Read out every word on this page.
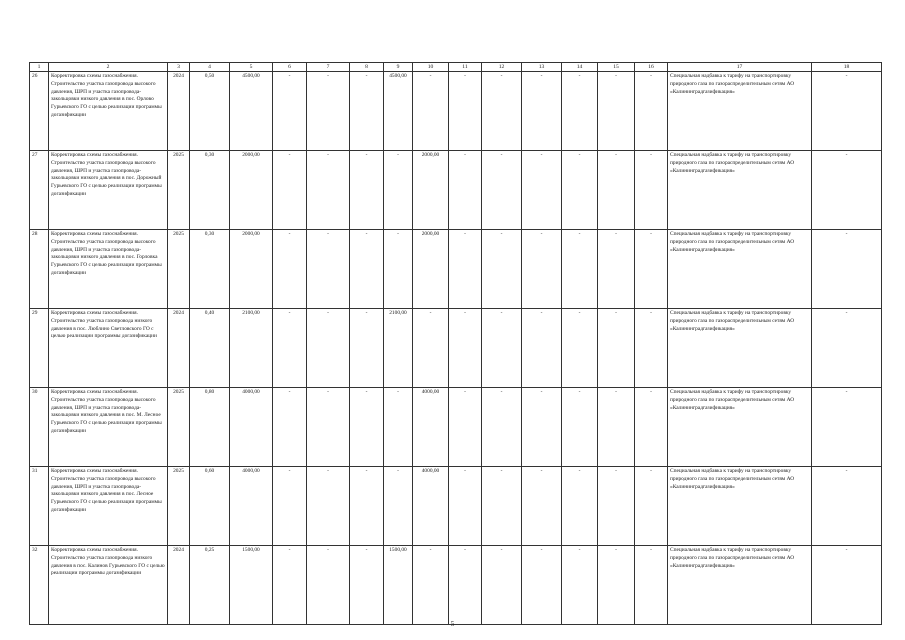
1	2	3	4	5	6	7	8	9	10	11	12	13	14	15	16	17	18
26	Корректировка схемы газоснабжения. Строительство участка газопровода высокого давления, ШРП и участка газопровода-закольцовки низкого давления в пос. Орлово Гурьевского ГО с целью реализации программы догазификации	2024	0,50	4500,00	-	-	-	4500,00	-	-	-	-	-	-	-	Специальная надбавка к тарифу на транспортировку природного газа по газораспределительным сетям АО «Калининградгазификация»	-
27	Корректировка схемы газоснабжения. Строительство участка газопровода высокого давления, ШРП и участка газопровода-закольцовки низкого давления в пос. Дорожный Гурьевского ГО с целью реализации программы догазификации	2025	0,30	2000,00	-	-	-	-	2000,00	-	-	-	-	-	-	Специальная надбавка к тарифу на транспортировку природного газа по газораспределительным сетям АО «Калининградгазификация»	-
28	Корректировка схемы газоснабжения. Строительство участка газопровода высокого давления, ШРП и участка газопровода-закольцовки низкого давления в пос. Горловка Гурьевского ГО с целью реализации программы догазификации	2025	0,30	2000,00	-	-	-	-	2000,00	-	-	-	-	-	-	Специальная надбавка к тарифу на транспортировку природного газа по газораспределительным сетям АО «Калининградгазификация»	-
29	Корректировка схемы газоснабжения. Строительство участка газопровода низкого давления в пос. Люблино Светловского ГО с целью реализации программы догазификации	2024	0,40	2100,00	-	-	-	2100,00	-	-	-	-	-	-	-	Специальная надбавка к тарифу на транспортировку природного газа по газораспределительным сетям АО «Калининградгазификация»	-
30	Корректировка схемы газоснабжения. Строительство участка газопровода высокого давления, ШРП и участка газопровода-закольцовки низкого давления в пос. М. Лесное Гурьевского ГО с целью реализации программы догазификации	2025	0,80	4000,00	-	-	-	-	4000,00	-	-	-	-	-	-	Специальная надбавка к тарифу на транспортировку природного газа по газораспределительным сетям АО «Калининградгазификация»	-
31	Корректировка схемы газоснабжения. Строительство участка газопровода высокого давления, ШРП и участка газопровода-закольцовки низкого давления в пос. Лесное Гурьевского ГО с целью реализации программы догазификации	2025	0,60	4000,00	-	-	-	-	4000,00	-	-	-	-	-	-	Специальная надбавка к тарифу на транспортировку природного газа по газораспределительным сетям АО «Калининградгазификация»	-
32	Корректировка схемы газоснабжения. Строительство участка газопровода низкого давления в пос. Калинов Гурьевского ГО с целью реализации программы догазификации	2024	0,25	1500,00	-	-	-	1500,00	-	-	-	-	-	-	-	Специальная надбавка к тарифу на транспортировку природного газа по газораспределительным сетям АО «Калининградгазификация»	-
5
